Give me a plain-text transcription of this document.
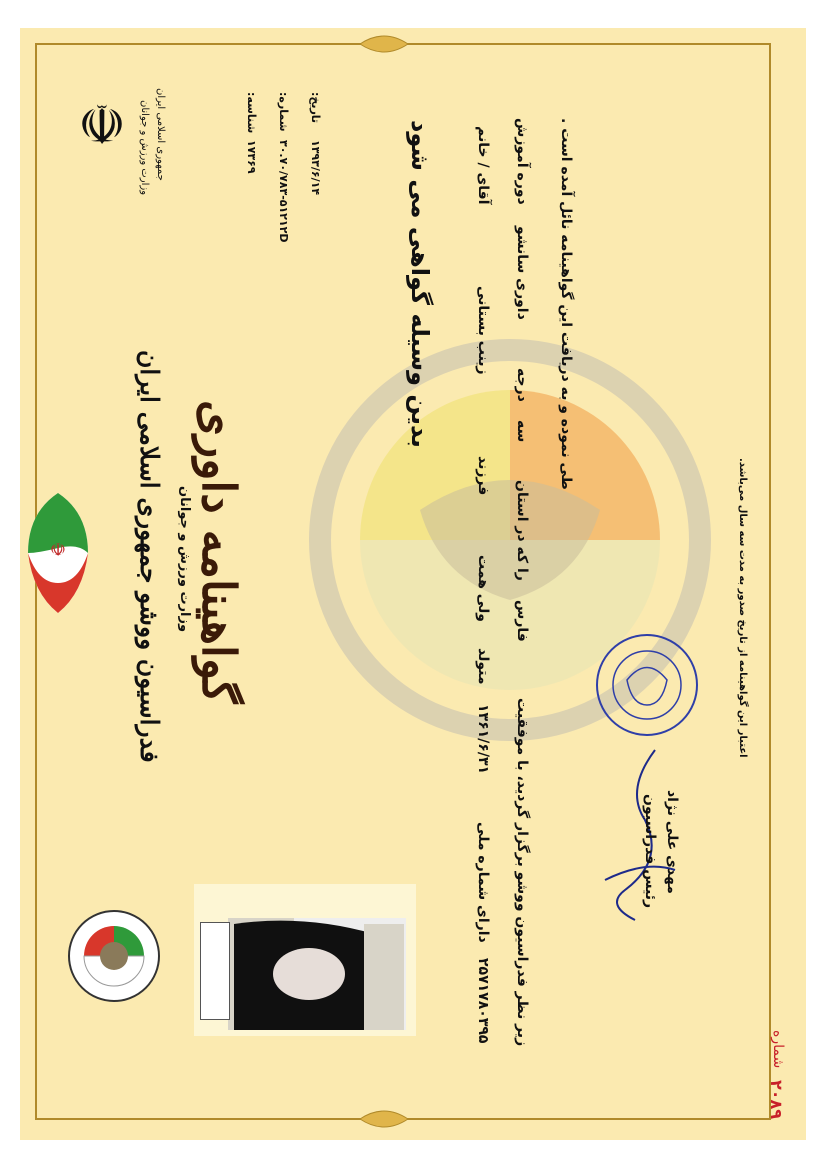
☫
☫	تاریخ:
شماره:
شناسه:
۱۳۹۳/۶/۱۴
۳۰.‎۷۰/۷۸۳-۵۱۲۱۲D
۱۷۳۶۹
جمهوری اسلامی ایران
وزارت ورزش و جوانان
وزارت ورزش و جوانان
فدراسیون ووشو جمهوری اسلامی ایران گواهینامه داوری
بدین وسیله گواهی می شود	آقای / خانم
زینب بستانی
فرزند
ولی همت
متولد
۱۳۶۱/۶/۳۱
دارای شماره ملی
۲۵۷۱۷۸۰۳۹۵
دوره آموزش
داوری سانشو
درجه
سه
را که در استان
فارس
زیر نظر فدراسیون ووشو برگزار گردید، با موفقیت
طی نموده و به دریافت این گواهینامه نائل آمده است .
اعتبار این گواهینامه از تاریخ صدور به مدت سه سال می‌باشد.
مهدی علی نژاد
رئیس فدراسیون
۲۰۸۹
شماره
